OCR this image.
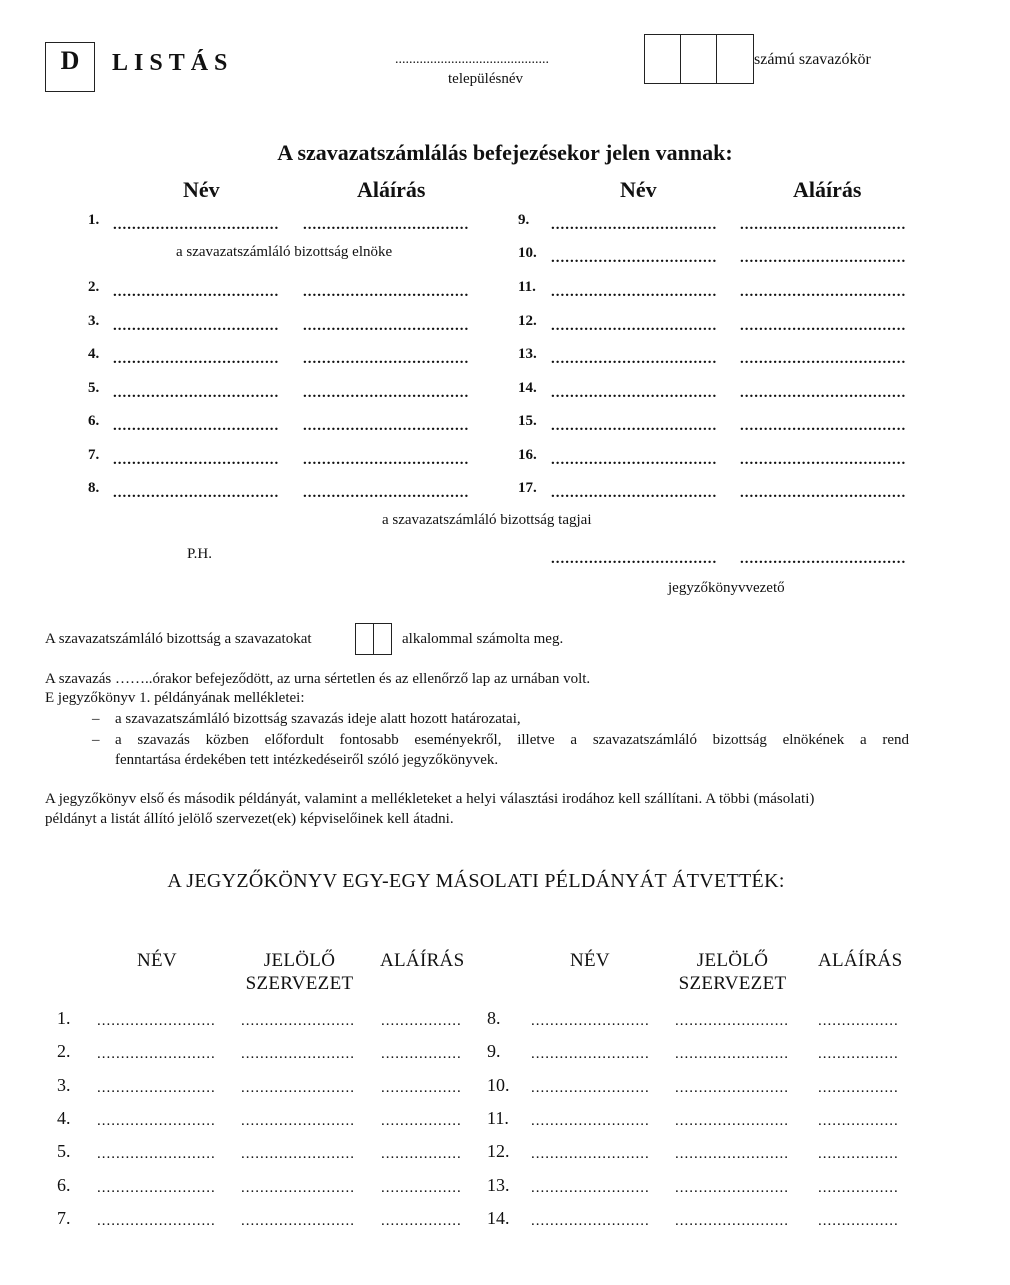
D	LISTÁS	............................................
településnév
számú szavazókör
A szavazatszámlálás befejezésekor jelen vannak:
Név	Aláírás	Név	Aláírás
1. ................................... ...................................
2. ................................... ...................................
3. ................................... ...................................
4. ................................... ...................................
5. ................................... ...................................
6. ................................... ...................................
7. ................................... ...................................
8. ................................... ...................................
9. ................................... ...................................
10. ................................... ...................................
11. ................................... ...................................
12. ................................... ...................................
13. ................................... ...................................
14. ................................... ...................................
15. ................................... ...................................
16. ................................... ...................................
17. ................................... ...................................
a szavazatszámláló bizottság elnöke
a szavazatszámláló bizottság tagjai
P.H.	................................... ...................................
jegyzőkönyvvezető
A szavazatszámláló bizottság a szavazatokat	alkalommal számolta meg.
A szavazás ……..órakor befejeződött, az urna sértetlen és az ellenőrző lap az urnában volt.
E jegyzőkönyv 1. példányának mellékletei:
– a szavazatszámláló bizottság szavazás ideje alatt hozott határozatai,
– a szavazás közben előfordult fontosabb eseményekről, illetve a szavazatszámláló bizottság elnökének a rend
fenntartása érdekében tett intézkedéseiről szóló jegyzőkönyvek.
A jegyzőkönyv első és második példányát, valamint a mellékleteket a helyi választási irodához kell szállítani. A többi (másolati)
példányt a listát állító jelölő szervezet(ek) képviselőinek kell átadni.
A JEGYZŐKÖNYV EGY-EGY MÁSOLATI PÉLDÁNYÁT ÁTVETTÉK:
NÉV	JELÖLŐ
SZERVEZET
ALÁÍRÁS	NÉV	JELÖLŐ
SZERVEZET
ALÁÍRÁS
1. ......................... ........................ .................
2. ......................... ........................ .................
3. ......................... ........................ .................
4. ......................... ........................ .................
5. ......................... ........................ .................
6. ......................... ........................ .................
7. ......................... ........................ .................
8. ......................... ........................ .................
9. ......................... ........................ .................
10. ......................... ........................ .................
11. ......................... ........................ .................
12. ......................... ........................ .................
13. ......................... ........................ .................
14. ......................... ........................ .................
